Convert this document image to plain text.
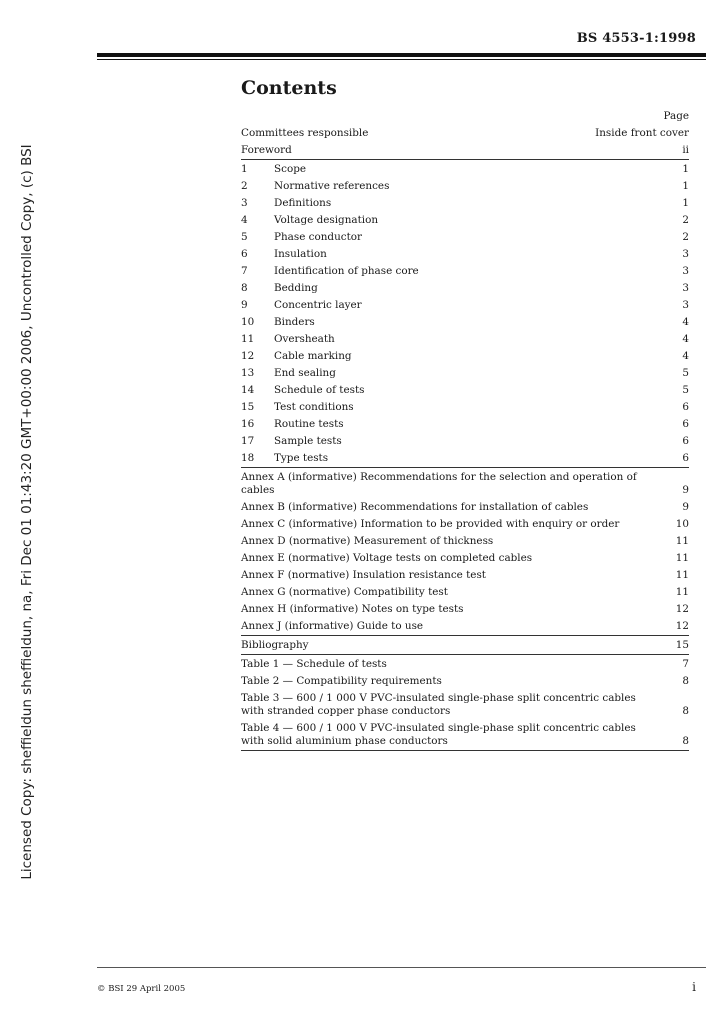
BS 4553-1:1998
Licensed Copy: sheffieldun sheffieldun, na, Fri Dec 01 01:43:20 GMT+00:00 2006, Uncontrolled Copy, (c) BSI
Contents
Page
Committees responsible	Inside front cover
Foreword	ii
1	Scope	1
2	Normative references	1
3	Definitions	1
4	Voltage designation	2
5	Phase conductor	2
6	Insulation	3
7	Identification of phase core	3
8	Bedding	3
9	Concentric layer	3
10	Binders	4
11	Oversheath	4
12	Cable marking	4
13	End sealing	5
14	Schedule of tests	5
15	Test conditions	6
16	Routine tests	6
17	Sample tests	6
18	Type tests	6
Annex A (informative) Recommendations for the selection and operation of cables	9
Annex B (informative) Recommendations for installation of cables	9
Annex C (informative) Information to be provided with enquiry or order	10
Annex D (normative) Measurement of thickness	11
Annex E (normative) Voltage tests on completed cables	11
Annex F (normative) Insulation resistance test	11
Annex G (normative) Compatibility test	11
Annex H (informative) Notes on type tests	12
Annex J (informative) Guide to use	12
Bibliography	15
Table 1 — Schedule of tests	7
Table 2 — Compatibility requirements	8
Table 3 — 600 / 1 000 V PVC-insulated single-phase split concentric cables with stranded copper phase conductors	8
Table 4 — 600 / 1 000 V PVC-insulated single-phase split concentric cables with solid aluminium phase conductors	8
© BSI 29 April 2005	i
